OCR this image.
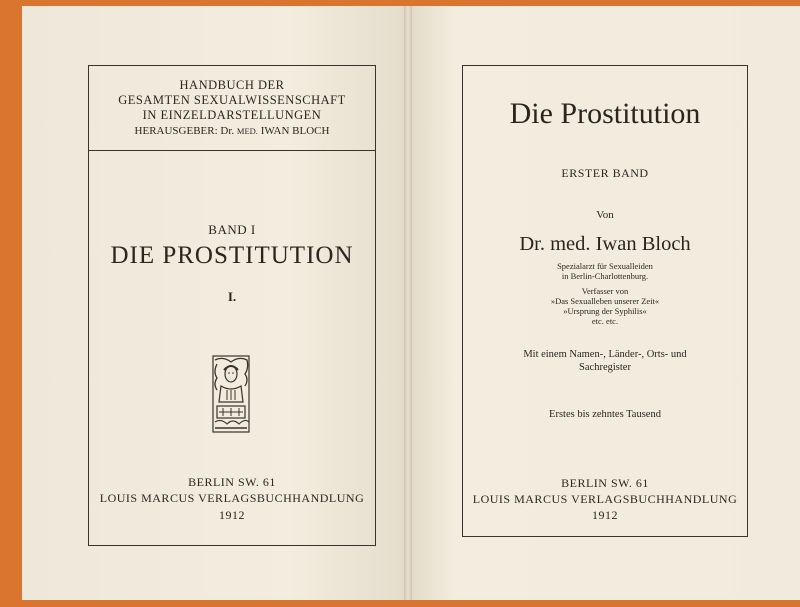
HANDBUCH DER
GESAMTEN SEXUALWISSENSCHAFT
IN EINZELDARSTELLUNGEN
HERAUSGEBER: Dr. MED. IWAN BLOCH
BAND I
DIE PROSTITUTION
I.
BERLIN SW. 61
LOUIS MARCUS VERLAGSBUCHHANDLUNG
1912
Die Prostitution
ERSTER BAND
Von
Dr. med. Iwan Bloch
Spezialarzt für Sexualleiden
in Berlin-Charlottenburg.
Verfasser von
»Das Sexualleben unserer Zeit«
»Ursprung der Syphilis«
etc. etc.
Mit einem Namen-, Länder-, Orts- und
Sachregister
Erstes bis zehntes Tausend
BERLIN SW. 61
LOUIS MARCUS VERLAGSBUCHHANDLUNG
1912
